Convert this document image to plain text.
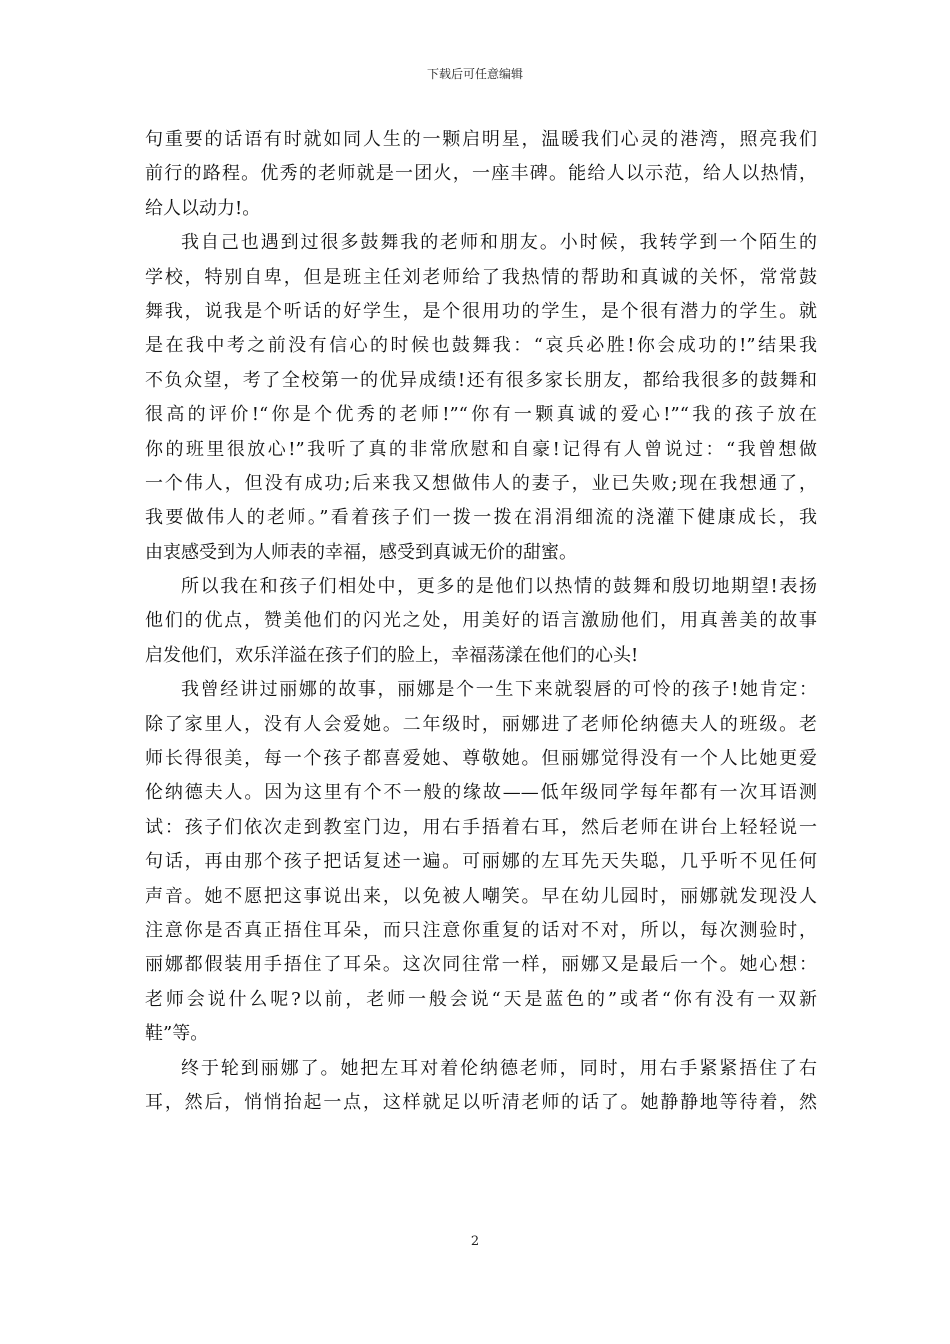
下载后可任意编辑
句重要的话语有时就如同人生的一颗启明星，温暖我们心灵的港湾，照亮我们
前行的路程。优秀的老师就是一团火，一座丰碑。能给人以示范，给人以热情，
给人以动力!。
我自己也遇到过很多鼓舞我的老师和朋友。小时候，我转学到一个陌生的
学校，特别自卑，但是班主任刘老师给了我热情的帮助和真诚的关怀，常常鼓
舞我，说我是个听话的好学生，是个很用功的学生，是个很有潜力的学生。就
是在我中考之前没有信心的时候也鼓舞我：“哀兵必胜!你会成功的!”结果我
不负众望，考了全校第一的优异成绩!还有很多家长朋友，都给我很多的鼓舞和
很高的评价!“你是个优秀的老师!”“你有一颗真诚的爱心!”“我的孩子放在
你的班里很放心!”我听了真的非常欣慰和自豪!记得有人曾说过：“我曾想做
一个伟人，但没有成功;后来我又想做伟人的妻子，业已失败;现在我想通了，
我要做伟人的老师。”看着孩子们一拨一拨在涓涓细流的浇灌下健康成长，我
由衷感受到为人师表的幸福，感受到真诚无价的甜蜜。
所以我在和孩子们相处中，更多的是他们以热情的鼓舞和殷切地期望!表扬
他们的优点，赞美他们的闪光之处，用美好的语言激励他们，用真善美的故事
启发他们，欢乐洋溢在孩子们的脸上，幸福荡漾在他们的心头!
我曾经讲过丽娜的故事，丽娜是个一生下来就裂唇的可怜的孩子!她肯定：
除了家里人，没有人会爱她。二年级时，丽娜进了老师伦纳德夫人的班级。老
师长得很美，每一个孩子都喜爱她、尊敬她。但丽娜觉得没有一个人比她更爱
伦纳德夫人。因为这里有个不一般的缘故——低年级同学每年都有一次耳语测
试：孩子们依次走到教室门边，用右手捂着右耳，然后老师在讲台上轻轻说一
句话，再由那个孩子把话复述一遍。可丽娜的左耳先天失聪，几乎听不见任何
声音。她不愿把这事说出来，以免被人嘲笑。早在幼儿园时，丽娜就发现没人
注意你是否真正捂住耳朵，而只注意你重复的话对不对，所以，每次测验时，
丽娜都假装用手捂住了耳朵。这次同往常一样，丽娜又是最后一个。她心想：
老师会说什么呢?以前，老师一般会说“天是蓝色的”或者“你有没有一双新
鞋”等。
终于轮到丽娜了。她把左耳对着伦纳德老师，同时，用右手紧紧捂住了右
耳，然后，悄悄抬起一点，这样就足以听清老师的话了。她静静地等待着，然
2
